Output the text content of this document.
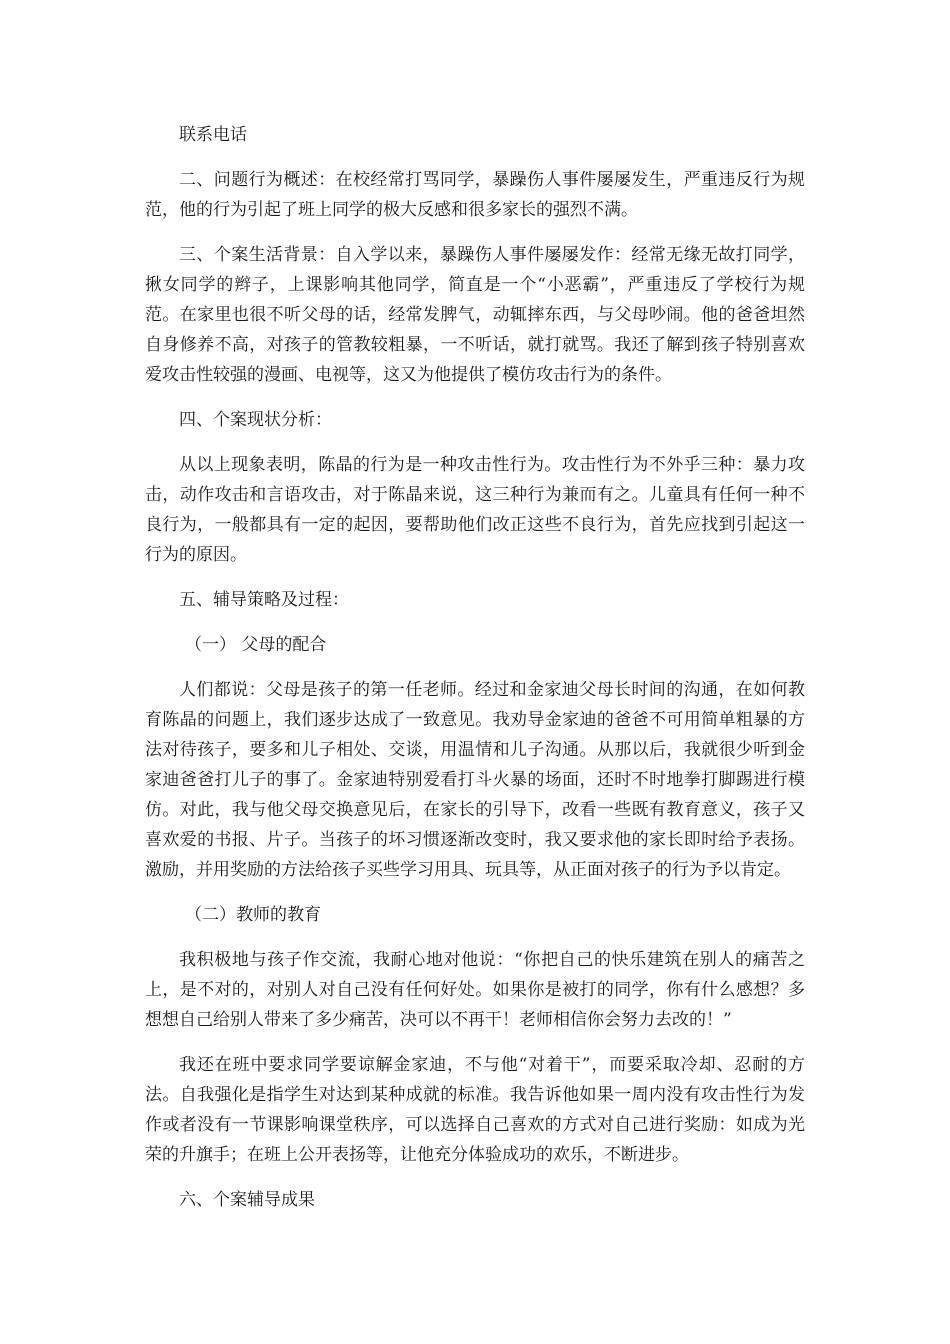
联系电话

二、问题行为概述：在校经常打骂同学，暴躁伤人事件屡屡发生，严重违反行为规范，他的行为引起了班上同学的极大反感和很多家长的强烈不满。

三、个案生活背景：自入学以来，暴躁伤人事件屡屡发作：经常无缘无故打同学，揪女同学的辫子，上课影响其他同学，简直是一个“小恶霸”，严重违反了学校行为规范。在家里也很不听父母的话，经常发脾气，动辄摔东西，与父母吵闹。他的爸爸坦然自身修养不高，对孩子的管教较粗暴，一不听话，就打就骂。我还了解到孩子特别喜欢爱攻击性较强的漫画、电视等，这又为他提供了模仿攻击行为的条件。

四、个案现状分析：

从以上现象表明，陈晶的行为是一种攻击性行为。攻击性行为不外乎三种：暴力攻击，动作攻击和言语攻击，对于陈晶来说，这三种行为兼而有之。儿童具有任何一种不良行为，一般都具有一定的起因，要帮助他们改正这些不良行为，首先应找到引起这一行为的原因。

五、辅导策略及过程：

（一） 父母的配合

人们都说：父母是孩子的第一任老师。经过和金家迪父母长时间的沟通，在如何教育陈晶的问题上，我们逐步达成了一致意见。我劝导金家迪的爸爸不可用简单粗暴的方法对待孩子，要多和儿子相处、交谈，用温情和儿子沟通。从那以后，我就很少听到金家迪爸爸打儿子的事了。金家迪特别爱看打斗火暴的场面，还时不时地拳打脚踢进行模仿。对此，我与他父母交换意见后，在家长的引导下，改看一些既有教育意义，孩子又喜欢爱的书报、片子。当孩子的坏习惯逐渐改变时，我又要求他的家长即时给予表扬。激励，并用奖励的方法给孩子买些学习用具、玩具等，从正面对孩子的行为予以肯定。

（二）教师的教育

我积极地与孩子作交流，我耐心地对他说：“你把自己的快乐建筑在别人的痛苦之上，是不对的，对别人对自己没有任何好处。如果你是被打的同学，你有什么感想？多想想自己给别人带来了多少痛苦，决可以不再干！老师相信你会努力去改的！”

我还在班中要求同学要谅解金家迪，不与他“对着干”，而要采取冷却、忍耐的方法。自我强化是指学生对达到某种成就的标准。我告诉他如果一周内没有攻击性行为发作或者没有一节课影响课堂秩序，可以选择自己喜欢的方式对自己进行奖励：如成为光荣的升旗手；在班上公开表扬等，让他充分体验成功的欢乐，不断进步。

六、个案辅导成果
